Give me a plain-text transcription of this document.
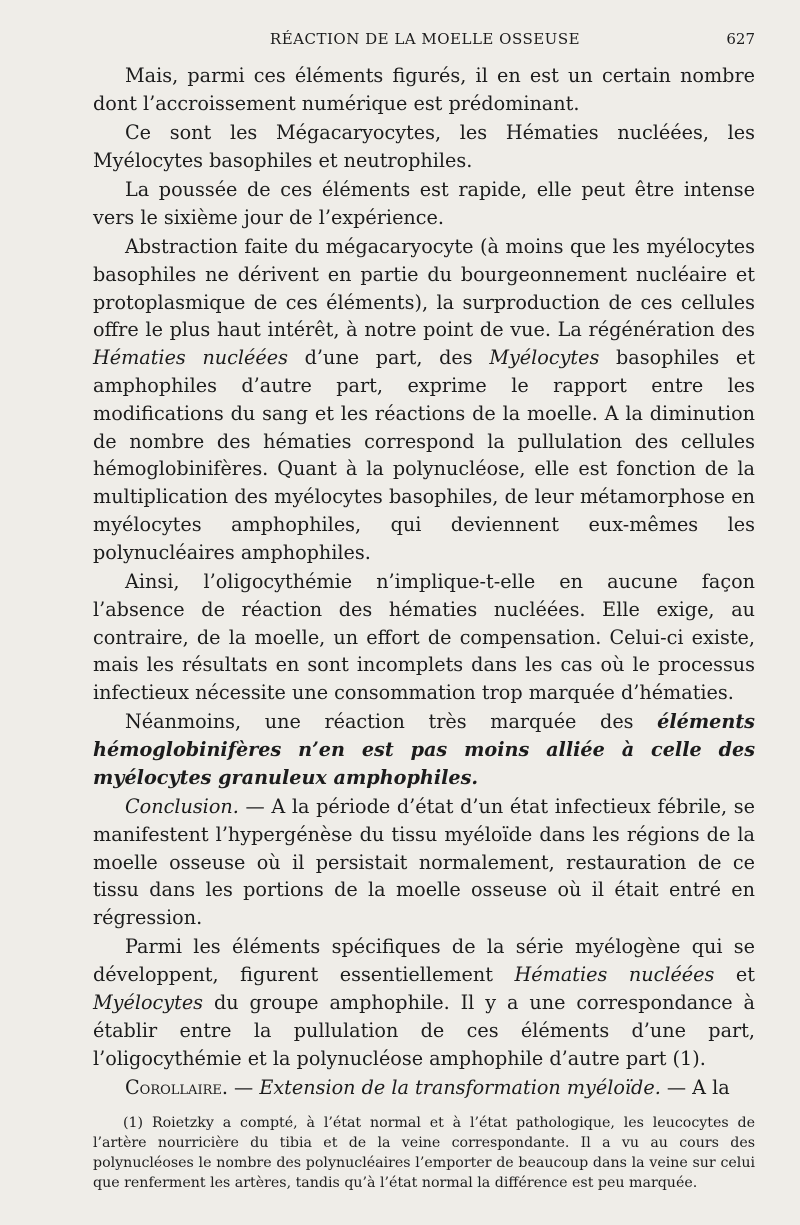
RÉACTION DE LA MOELLE OSSEUSE	627

Mais, parmi ces éléments figurés, il en est un certain nombre dont l’accroissement numérique est prédominant.

Ce sont les Mégacaryocytes, les Hématies nucléées, les Myélocytes basophiles et neutrophiles.

La poussée de ces éléments est rapide, elle peut être intense vers le sixième jour de l’expérience.

Abstraction faite du mégacaryocyte (à moins que les myélocytes basophiles ne dérivent en partie du bourgeonnement nucléaire et protoplasmique de ces éléments), la surproduction de ces cellules offre le plus haut intérêt, à notre point de vue. La régénération des Hématies nucléées d’une part, des Myélocytes basophiles et amphophiles d’autre part, exprime le rapport entre les modifications du sang et les réactions de la moelle. A la diminution de nombre des hématies correspond la pullulation des cellules hémoglobinifères. Quant à la polynucléose, elle est fonction de la multiplication des myélocytes basophiles, de leur métamorphose en myélocytes amphophiles, qui deviennent eux-mêmes les polynucléaires amphophiles.

Ainsi, l’oligocythémie n’implique-t-elle en aucune façon l’absence de réaction des hématies nucléées. Elle exige, au contraire, de la moelle, un effort de compensation. Celui-ci existe, mais les résultats en sont incomplets dans les cas où le processus infectieux nécessite une consommation trop marquée d’hématies.

Néanmoins, une réaction très marquée des éléments hémoglobinifères n’en est pas moins alliée à celle des myélocytes granuleux amphophiles.

Conclusion. — A la période d’état d’un état infectieux fébrile, se manifestent l’hypergénèse du tissu myéloïde dans les régions de la moelle osseuse où il persistait normalement, restauration de ce tissu dans les portions de la moelle osseuse où il était entré en régression.

Parmi les éléments spécifiques de la série myélogène qui se développent, figurent essentiellement Hématies nucléées et Myélocytes du groupe amphophile. Il y a une correspondance à établir entre la pullulation de ces éléments d’une part, l’oligocythémie et la polynucléose amphophile d’autre part (1).

Corollaire. — Extension de la transformation myéloïde. — A la

(1) Roietzky a compté, à l’état normal et à l’état pathologique, les leucocytes de l’artère nourricière du tibia et de la veine correspondante. Il a vu au cours des polynucléoses le nombre des polynucléaires l’emporter de beaucoup dans la veine sur celui que renferment les artères, tandis qu’à l’état normal la différence est peu marquée.
